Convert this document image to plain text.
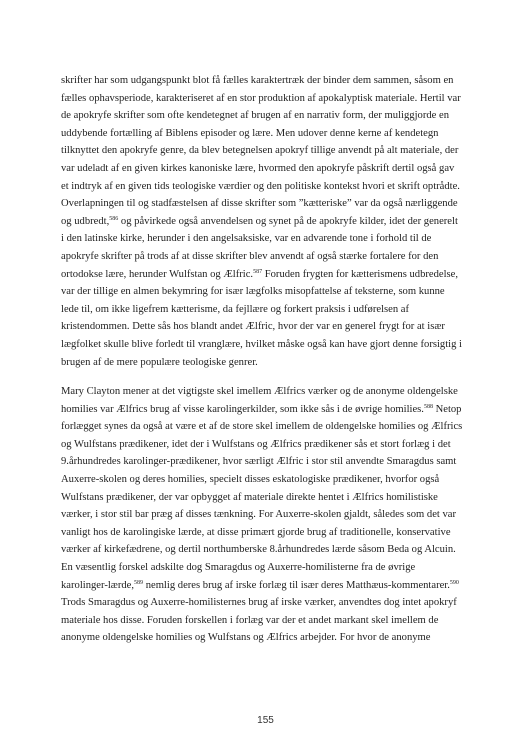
skrifter har som udgangspunkt blot få fælles karaktertræk der binder dem sammen, såsom en
fælles ophavsperiode, karakteriseret af en stor produktion af apokalyptisk materiale. Hertil var
de apokryfe skrifter som ofte kendetegnet af brugen af en narrativ form, der muliggjorde en
uddybende fortælling af Biblens episoder og lære. Men udover denne kerne af kendetegn
tilknyttet den apokryfe genre, da blev betegnelsen apokryf tillige anvendt på alt materiale, der
var udeladt af en given kirkes kanoniske lære, hvormed den apokryfe påskrift dertil også gav
et indtryk af en given tids teologiske værdier og den politiske kontekst hvori et skrift optrådte.
Overlapningen til og stadfæstelsen af disse skrifter som ”kætteriske” var da også nærliggende
og udbredt,$^{586}$ og påvirkede også anvendelsen og synet på de apokryfe kilder, idet der generelt
i den latinske kirke, herunder i den angelsaksiske, var en advarende tone i forhold til de
apokryfe skrifter på trods af at disse skrifter blev anvendt af også stærke fortalere for den
ortodokse lære, herunder Wulfstan og Ælfric.$^{587}$ Foruden frygten for kætterismens udbredelse,
var der tillige en almen bekymring for især lægfolks misopfattelse af teksterne, som kunne
lede til, om ikke ligefrem kætterisme, da fejllære og forkert praksis i udførelsen af
kristendommen. Dette sås hos blandt andet Ælfric, hvor der var en generel frygt for at især
lægfolket skulle blive forledt til vranglære, hvilket måske også kan have gjort denne forsigtig i
brugen af de mere populære teologiske genrer.
Mary Clayton mener at det vigtigste skel imellem Ælfrics værker og de anonyme oldengelske
homilies var Ælfrics brug af visse karolingerkilder, som ikke sås i de øvrige homilies.$^{588}$ Netop
forlægget synes da også at være et af de store skel imellem de oldengelske homilies og Ælfrics
og Wulfstans prædikener, idet der i Wulfstans og Ælfrics prædikener sås et stort forlæg i det
9.århundredes karolinger-prædikener, hvor særligt Ælfric i stor stil anvendte Smaragdus samt
Auxerre-skolen og deres homilies, specielt disses eskatologiske prædikener, hvorfor også
Wulfstans prædikener, der var opbygget af materiale direkte hentet i Ælfrics homilistiske
værker, i stor stil bar præg af disses tænkning. For Auxerre-skolen gjaldt, således som det var
vanligt hos de karolingiske lærde, at disse primært gjorde brug af traditionelle, konservative
værker af kirkefædrene, og dertil northumberske 8.århundredes lærde såsom Beda og Alcuin.
En væsentlig forskel adskilte dog Smaragdus og Auxerre-homilisterne fra de øvrige
karolinger-lærde,$^{589}$ nemlig deres brug af irske forlæg til især deres Matthæus-kommentarer.$^{590}$
Trods Smaragdus og Auxerre-homilisternes brug af irske værker, anvendtes dog intet apokryf
materiale hos disse. Foruden forskellen i forlæg var der et andet markant skel imellem de
anonyme oldengelske homilies og Wulfstans og Ælfrics arbejder. For hvor de anonyme
155
